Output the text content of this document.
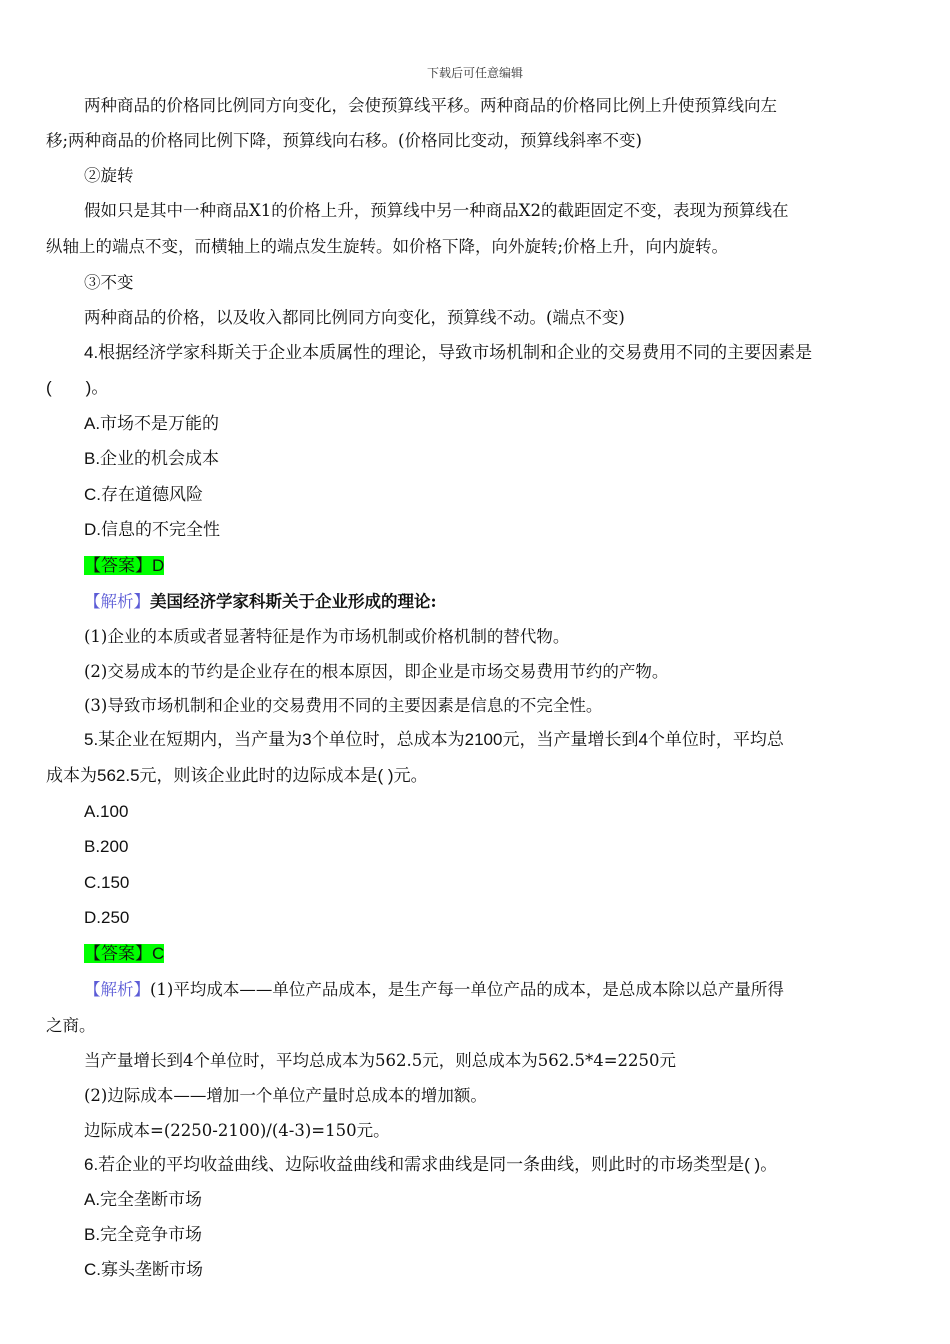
下载后可任意编辑
两种商品的价格同比例同方向变化，会使预算线平移。两种商品的价格同比例上升使预算线向左
移;两种商品的价格同比例下降，预算线向右移。(价格同比变动，预算线斜率不变)
②旋转
假如只是其中一种商品X1的价格上升，预算线中另一种商品X2的截距固定不变，表现为预算线在
纵轴上的端点不变，而横轴上的端点发生旋转。如价格下降，向外旋转;价格上升，向内旋转。
③不变
两种商品的价格，以及收入都同比例同方向变化，预算线不动。(端点不变)
4.根据经济学家科斯关于企业本质属性的理论，导致市场机制和企业的交易费用不同的主要因素是
(　　)。
A.市场不是万能的
B.企业的机会成本
C.存在道德风险
D.信息的不完全性
【答案】D
【解析】美国经济学家科斯关于企业形成的理论:
(1)企业的本质或者显著特征是作为市场机制或价格机制的替代物。
(2)交易成本的节约是企业存在的根本原因，即企业是市场交易费用节约的产物。
(3)导致市场机制和企业的交易费用不同的主要因素是信息的不完全性。
5.某企业在短期内，当产量为3个单位时，总成本为2100元，当产量增长到4个单位时，平均总
成本为562.5元，则该企业此时的边际成本是( )元。
A.100
B.200
C.150
D.250
【答案】C
【解析】(1)平均成本——单位产品成本，是生产每一单位产品的成本，是总成本除以总产量所得
之商。
当产量增长到4个单位时，平均总成本为562.5元，则总成本为562.5*4=2250元
(2)边际成本——增加一个单位产量时总成本的增加额。
边际成本=(2250-2100)/(4-3)=150元。
6.若企业的平均收益曲线、边际收益曲线和需求曲线是同一条曲线，则此时的市场类型是( )。
A.完全垄断市场
B.完全竞争市场
C.寡头垄断市场
